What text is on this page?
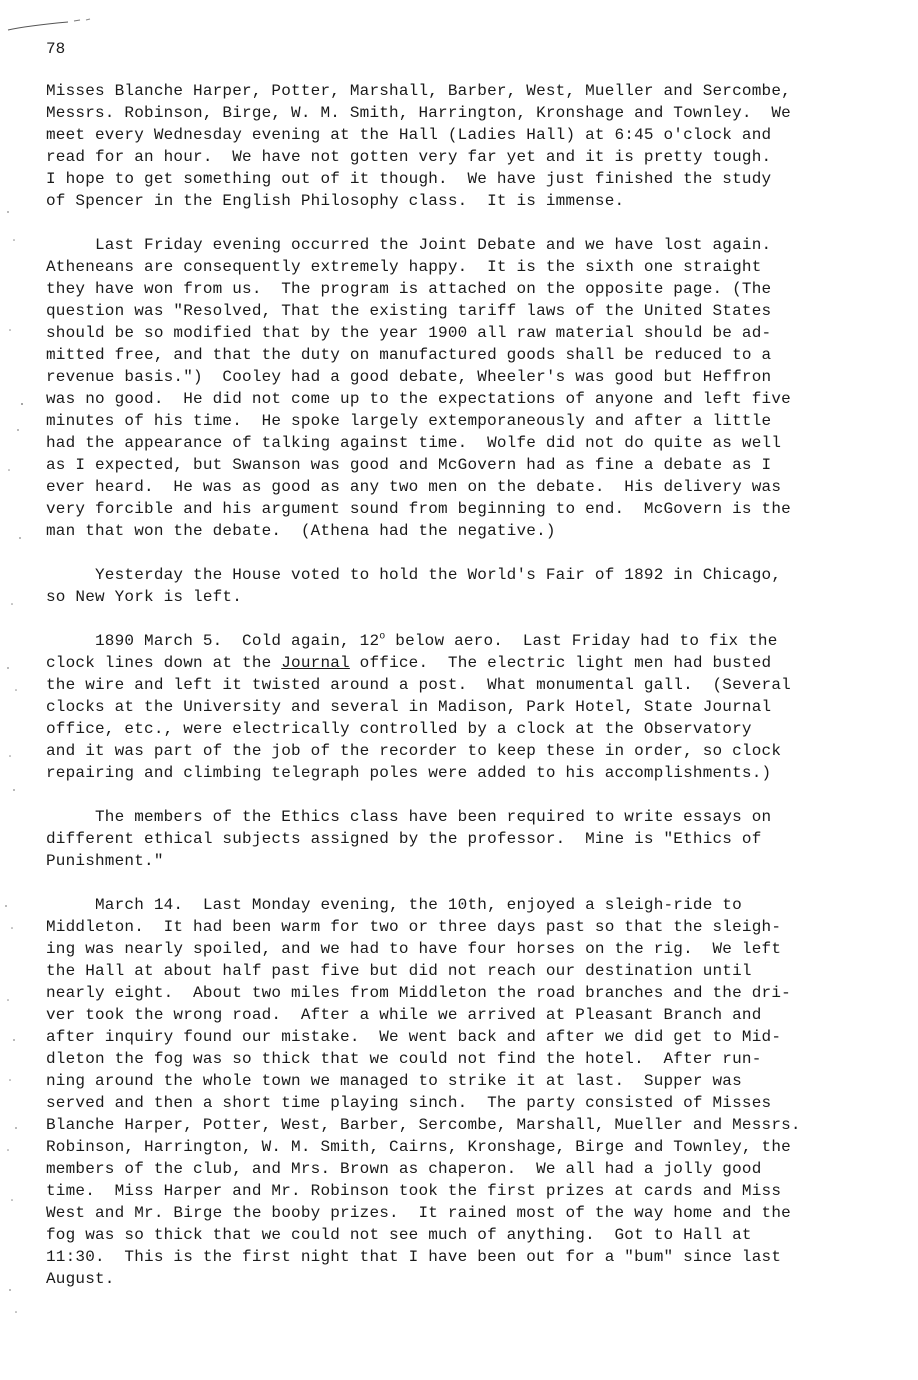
78

Misses Blanche Harper, Potter, Marshall, Barber, West, Mueller and Sercombe,
Messrs. Robinson, Birge, W. M. Smith, Harrington, Kronshage and Townley.  We
meet every Wednesday evening at the Hall (Ladies Hall) at 6:45 o'clock and
read for an hour.  We have not gotten very far yet and it is pretty tough.
I hope to get something out of it though.  We have just finished the study
of Spencer in the English Philosophy class.  It is immense.
Last Friday evening occurred the Joint Debate and we have lost again.
Atheneans are consequently extremely happy.  It is the sixth one straight
they have won from us.  The program is attached on the opposite page. (The
question was "Resolved, That the existing tariff laws of the United States
should be so modified that by the year 1900 all raw material should be ad-
mitted free, and that the duty on manufactured goods shall be reduced to a
revenue basis.")  Cooley had a good debate, Wheeler's was good but Heffron
was no good.  He did not come up to the expectations of anyone and left five
minutes of his time.  He spoke largely extemporaneously and after a little
had the appearance of talking against time.  Wolfe did not do quite as well
as I expected, but Swanson was good and McGovern had as fine a debate as I
ever heard.  He was as good as any two men on the debate.  His delivery was
very forcible and his argument sound from beginning to end.  McGovern is the
man that won the debate.  (Athena had the negative.)
Yesterday the House voted to hold the World's Fair of 1892 in Chicago,
so New York is left.
1890 March 5.  Cold again, 12$^o$ below aero.  Last Friday had to fix the
clock lines down at the Journal office.  The electric light men had busted
the wire and left it twisted around a post.  What monumental gall.  (Several
clocks at the University and several in Madison, Park Hotel, State Journal
office, etc., were electrically controlled by a clock at the Observatory
and it was part of the job of the recorder to keep these in order, so clock
repairing and climbing telegraph poles were added to his accomplishments.)
The members of the Ethics class have been required to write essays on
different ethical subjects assigned by the professor.  Mine is "Ethics of
Punishment."
March 14.  Last Monday evening, the 10th, enjoyed a sleigh-ride to
Middleton.  It had been warm for two or three days past so that the sleigh-
ing was nearly spoiled, and we had to have four horses on the rig.  We left
the Hall at about half past five but did not reach our destination until
nearly eight.  About two miles from Middleton the road branches and the dri-
ver took the wrong road.  After a while we arrived at Pleasant Branch and
after inquiry found our mistake.  We went back and after we did get to Mid-
dleton the fog was so thick that we could not find the hotel.  After run-
ning around the whole town we managed to strike it at last.  Supper was
served and then a short time playing sinch.  The party consisted of Misses
Blanche Harper, Potter, West, Barber, Sercombe, Marshall, Mueller and Messrs.
Robinson, Harrington, W. M. Smith, Cairns, Kronshage, Birge and Townley, the
members of the club, and Mrs. Brown as chaperon.  We all had a jolly good
time.  Miss Harper and Mr. Robinson took the first prizes at cards and Miss
West and Mr. Birge the booby prizes.  It rained most of the way home and the
fog was so thick that we could not see much of anything.  Got to Hall at
11:30.  This is the first night that I have been out for a "bum" since last
August.
